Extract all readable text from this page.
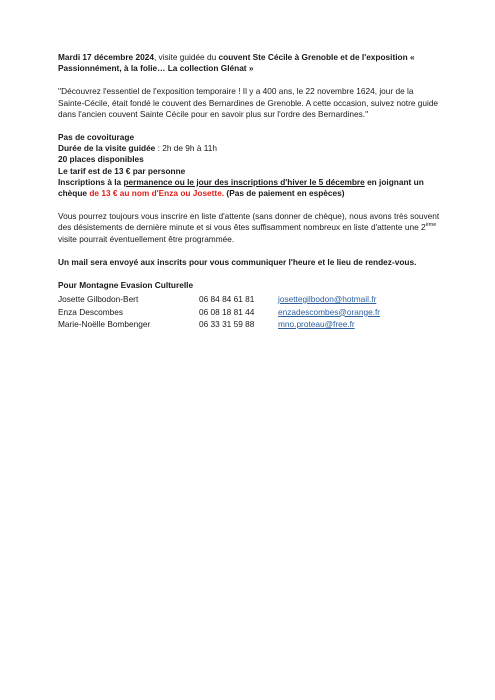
Mardi 17 décembre 2024, visite guidée du couvent Ste Cécile à Grenoble et de l'exposition « Passionnément, à la folie… La collection Glénat »

''Découvrez l'essentiel de l'exposition temporaire ! Il y a 400 ans, le 22 novembre 1624, jour de la Sainte-Cécile, était fondé le couvent des Bernardines de Grenoble. A cette occasion, suivez notre guide dans l'ancien couvent Sainte Cécile pour en savoir plus sur l'ordre des Bernardines.''

Pas de covoiturage

Durée de la visite guidée : 2h de 9h à 11h

20 places disponibles

Le tarif est de 13 € par personne

Inscriptions à la permanence ou le jour des inscriptions d'hiver le 5 décembre en joignant un chèque de 13 € au nom d'Enza ou Josette. (Pas de paiement en espèces)

Vous pourrez toujours vous inscrire en liste d'attente (sans donner de chèque), nous avons très souvent des désistements de dernière minute et si vous êtes suffisamment nombreux en liste d'attente une 2ème visite pourrait éventuellement être programmée.

Un mail sera envoyé aux inscrits pour vous communiquer l'heure et le lieu de rendez-vous.

Pour Montagne Evasion Culturelle

Josette Gilbodon-Bert	06 84 84 61 81	josettegilbodon@hotmail.fr
Enza Descombes	06 08 18 81 44	enzadescombes@orange.fr
Marie-Noëlle Bombenger	06 33 31 59 88	mno.proteau@free.fr
